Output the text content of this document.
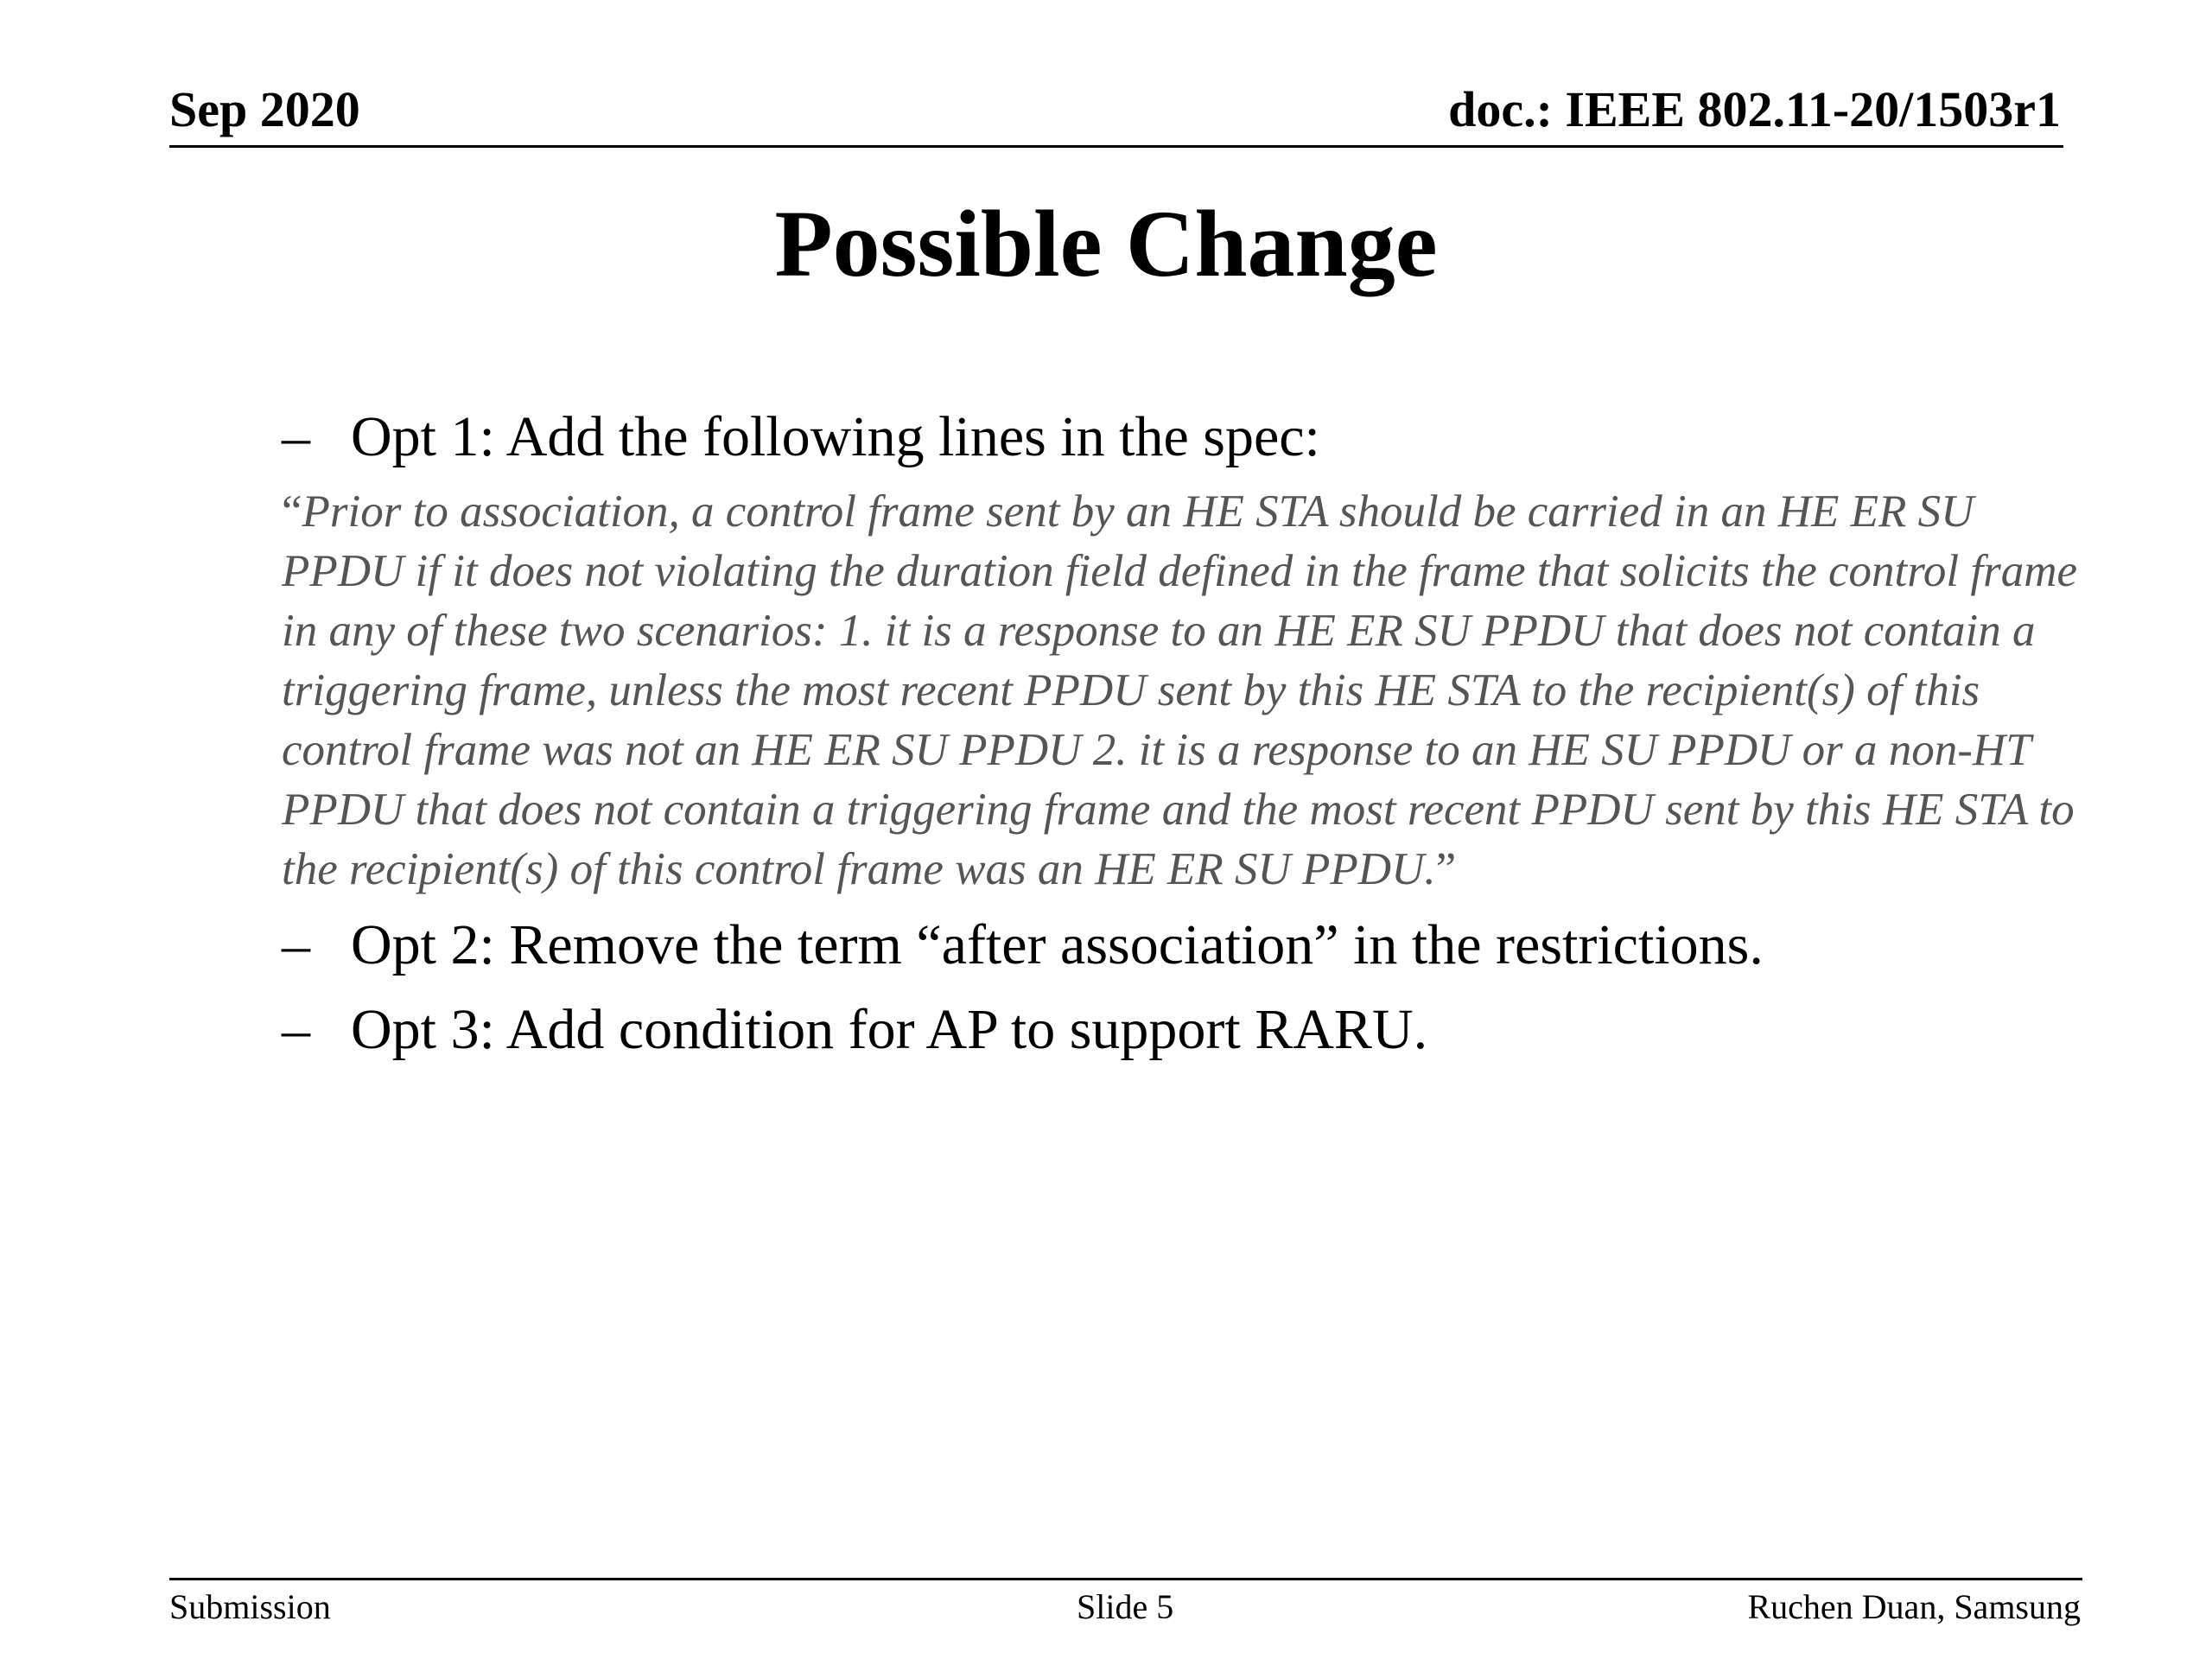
Sep 2020	doc.: IEEE 802.11-20/1503r1
Possible Change
– Opt 1: Add the following lines in the spec:
“Prior to association, a control frame sent by an HE STA should be carried in an HE ER SU PPDU if it does not violating the duration field defined in the frame that solicits the control frame in any of these two scenarios: 1. it is a response to an HE ER SU PPDU that does not contain a triggering frame, unless the most recent PPDU sent by this HE STA to the recipient(s) of this control frame was not an HE ER SU PPDU 2. it is a response to an HE SU PPDU or a non-HT PPDU that does not contain a triggering frame and the most recent PPDU sent by this HE STA to the recipient(s) of this control frame was an HE ER SU PPDU.”
– Opt 2: Remove the term “after association” in the restrictions.
– Opt 3: Add condition for AP to support RARU.
Submission	Slide 5	Ruchen Duan, Samsung
